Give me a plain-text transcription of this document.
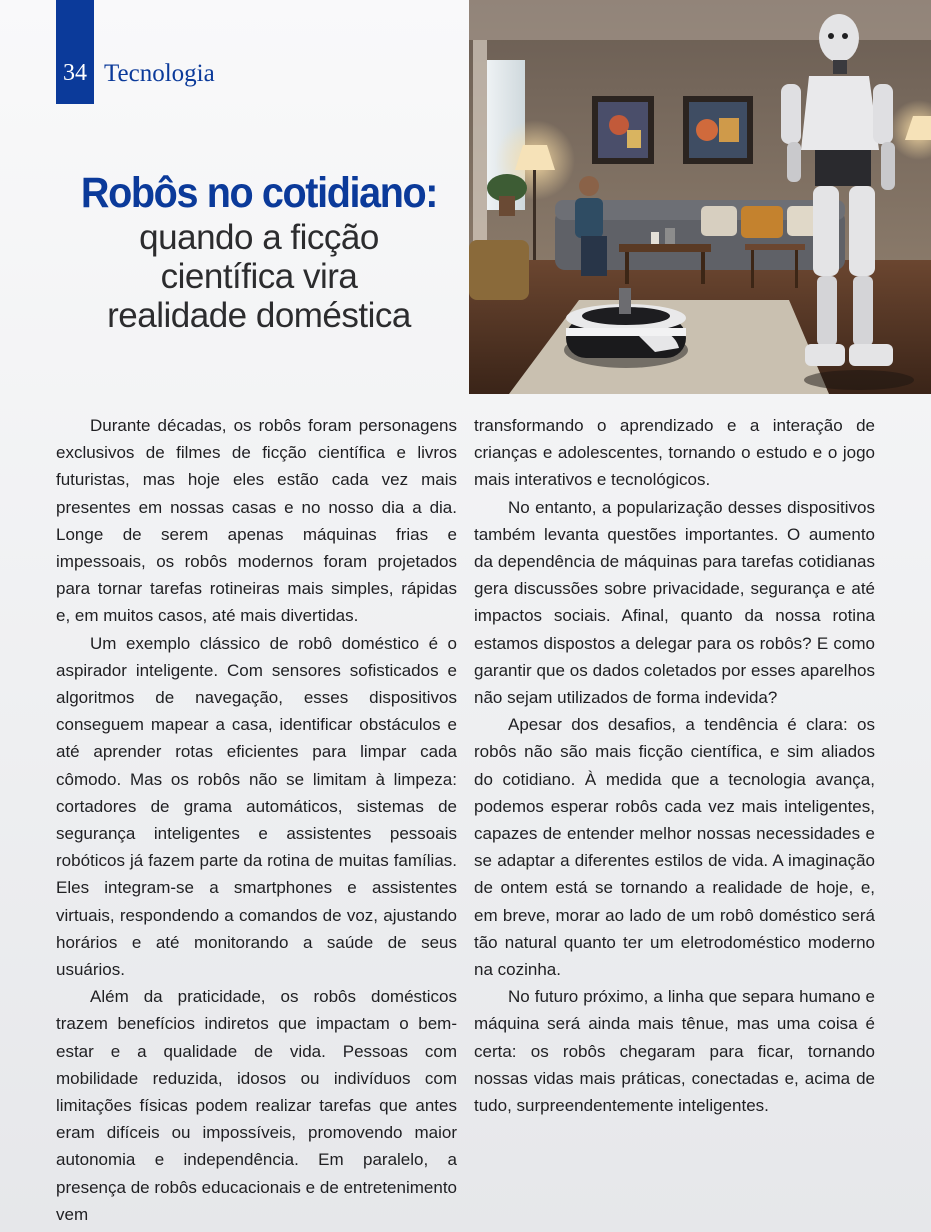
34 Tecnologia
Robôs no cotidiano:

quando a ficção

científica vira

realidade doméstica

Durante décadas, os robôs foram personagens exclusivos de filmes de ficção científica e livros futuristas, mas hoje eles estão cada vez mais presentes em nossas casas e no nosso dia a dia. Longe de serem apenas máquinas frias e impessoais, os robôs modernos foram projetados para tornar tarefas rotineiras mais simples, rápidas e, em muitos casos, até mais divertidas.

Um exemplo clássico de robô doméstico é o aspirador inteligente. Com sensores sofisticados e algoritmos de navegação, esses dispositivos conseguem mapear a casa, identificar obstáculos e até aprender rotas eficientes para limpar cada cômodo. Mas os robôs não se limitam à limpeza: cortadores de grama automáticos, sistemas de segurança inteligentes e assistentes pessoais robóticos já fazem parte da rotina de muitas famílias. Eles integram-se a smartphones e assistentes virtuais, respondendo a comandos de voz, ajustando horários e até monitorando a saúde de seus usuários.

Além da praticidade, os robôs domésticos trazem benefícios indiretos que impactam o bem-estar e a qualidade de vida. Pessoas com mobilidade reduzida, idosos ou indivíduos com limitações físicas podem realizar tarefas que antes eram difíceis ou impossíveis, promovendo maior autonomia e independência. Em paralelo, a presença de robôs educacionais e de entretenimento vem

transformando o aprendizado e a interação de crianças e adolescentes, tornando o estudo e o jogo mais interativos e tecnológicos.

No entanto, a popularização desses dispositivos também levanta questões importantes. O aumento da dependência de máquinas para tarefas cotidianas gera discussões sobre privacidade, segurança e até impactos sociais. Afinal, quanto da nossa rotina estamos dispostos a delegar para os robôs? E como garantir que os dados coletados por esses aparelhos não sejam utilizados de forma indevida?

Apesar dos desafios, a tendência é clara: os robôs não são mais ficção científica, e sim aliados do cotidiano. À medida que a tecnologia avança, podemos esperar robôs cada vez mais inteligentes, capazes de entender melhor nossas necessidades e se adaptar a diferentes estilos de vida. A imaginação de ontem está se tornando a realidade de hoje, e, em breve, morar ao lado de um robô doméstico será tão natural quanto ter um eletrodoméstico moderno na cozinha.

No futuro próximo, a linha que separa humano e máquina será ainda mais tênue, mas uma coisa é certa: os robôs chegaram para ficar, tornando nossas vidas mais práticas, conectadas e, acima de tudo, surpreendentemente inteligentes.
